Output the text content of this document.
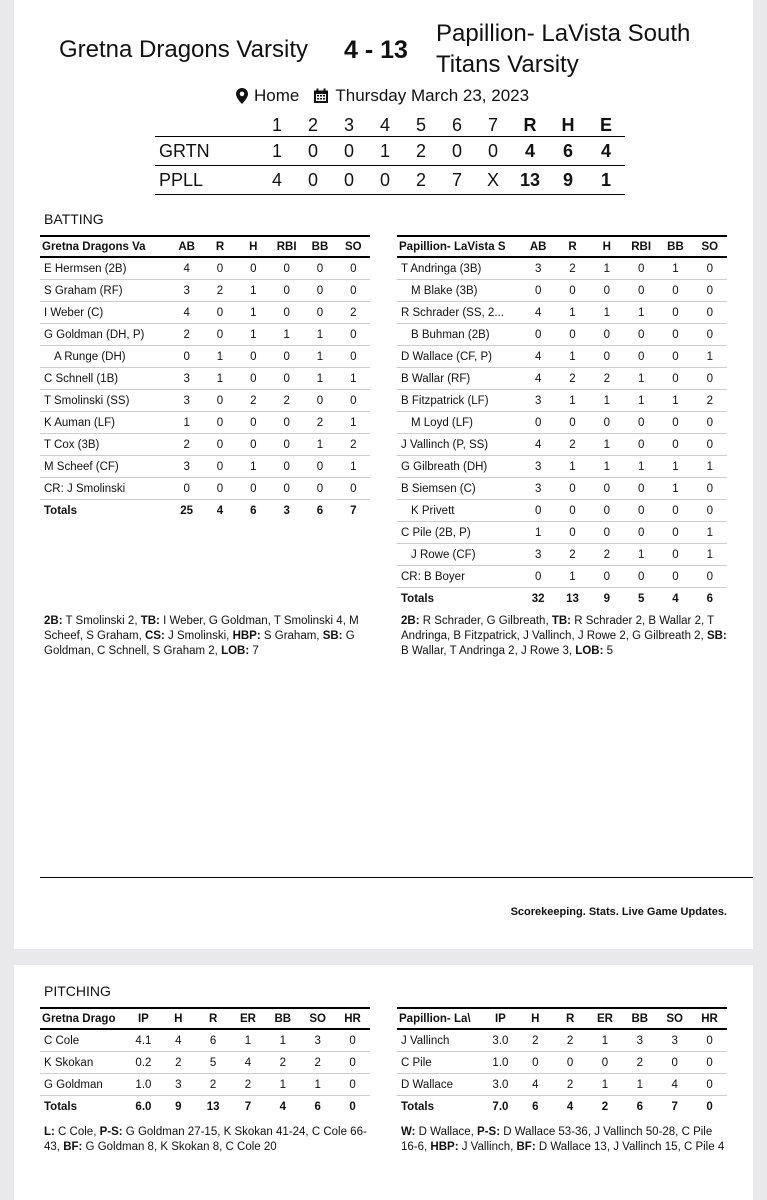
Gretna Dragons Varsity 4 - 13
Papillion- LaVista South Titans Varsity
Home Thursday March 23, 2023
	1	2	3	4	5	6	7	R	H	E
GRTN	1	0	0	1	2	0	0	4	6	4
PPLL	4	0	0	0	2	7	X	13	9	1
BATTING
Gretna Dragons Va	AB	R	H	RBI	BB	SO
E Hermsen (2B)	4	0	0	0	0	0
S Graham (RF)	3	2	1	0	0	0
I Weber (C)	4	0	1	0	0	2
G Goldman (DH, P)	2	0	1	1	1	0
A Runge (DH)	0	1	0	0	1	0
C Schnell (1B)	3	1	0	0	1	1
T Smolinski (SS)	3	0	2	2	0	0
K Auman (LF)	1	0	0	0	2	1
T Cox (3B)	2	0	0	0	1	2
M Scheef (CF)	3	0	1	0	0	1
CR: J Smolinski	0	0	0	0	0	0
Totals	25	4	6	3	6	7
Papillion- LaVista S	AB	R	H	RBI	BB	SO
T Andringa (3B)	3	2	1	0	1	0
M Blake (3B)	0	0	0	0	0	0
R Schrader (SS, 2...	4	1	1	1	0	0
B Buhman (2B)	0	0	0	0	0	0
D Wallace (CF, P)	4	1	0	0	0	1
B Wallar (RF)	4	2	2	1	0	0
B Fitzpatrick (LF)	3	1	1	1	1	2
M Loyd (LF)	0	0	0	0	0	0
J Vallinch (P, SS)	4	2	1	0	0	0
G Gilbreath (DH)	3	1	1	1	1	1
B Siemsen (C)	3	0	0	0	1	0
K Privett	0	0	0	0	0	0
C Pile (2B, P)	1	0	0	0	0	1
J Rowe (CF)	3	2	2	1	0	1
CR: B Boyer	0	1	0	0	0	0
Totals	32	13	9	5	4	6
2B: T Smolinski 2, TB: I Weber, G Goldman, T Smolinski 4, M Scheef, S Graham, CS: J Smolinski, HBP: S Graham, SB: G Goldman, C Schnell, S Graham 2, LOB: 7
2B: R Schrader, G Gilbreath, TB: R Schrader 2, B Wallar 2, T Andringa, B Fitzpatrick, J Vallinch, J Rowe 2, G Gilbreath 2, SB: B Wallar, T Andringa 2, J Rowe 3, LOB: 5
Scorekeeping. Stats. Live Game Updates.
PITCHING
Gretna Drago	IP	H	R	ER	BB	SO	HR
C Cole	4.1	4	6	1	1	3	0
K Skokan	0.2	2	5	4	2	2	0
G Goldman	1.0	3	2	2	1	1	0
Totals	6.0	9	13	7	4	6	0
Papillion- La\	IP	H	R	ER	BB	SO	HR
J Vallinch	3.0	2	2	1	3	3	0
C Pile	1.0	0	0	0	2	0	0
D Wallace	3.0	4	2	1	1	4	0
Totals	7.0	6	4	2	6	7	0
L: C Cole, P-S: G Goldman 27-15, K Skokan 41-24, C Cole 66-43, BF: G Goldman 8, K Skokan 8, C Cole 20
W: D Wallace, P-S: D Wallace 53-36, J Vallinch 50-28, C Pile 16-6, HBP: J Vallinch, BF: D Wallace 13, J Vallinch 15, C Pile 4
